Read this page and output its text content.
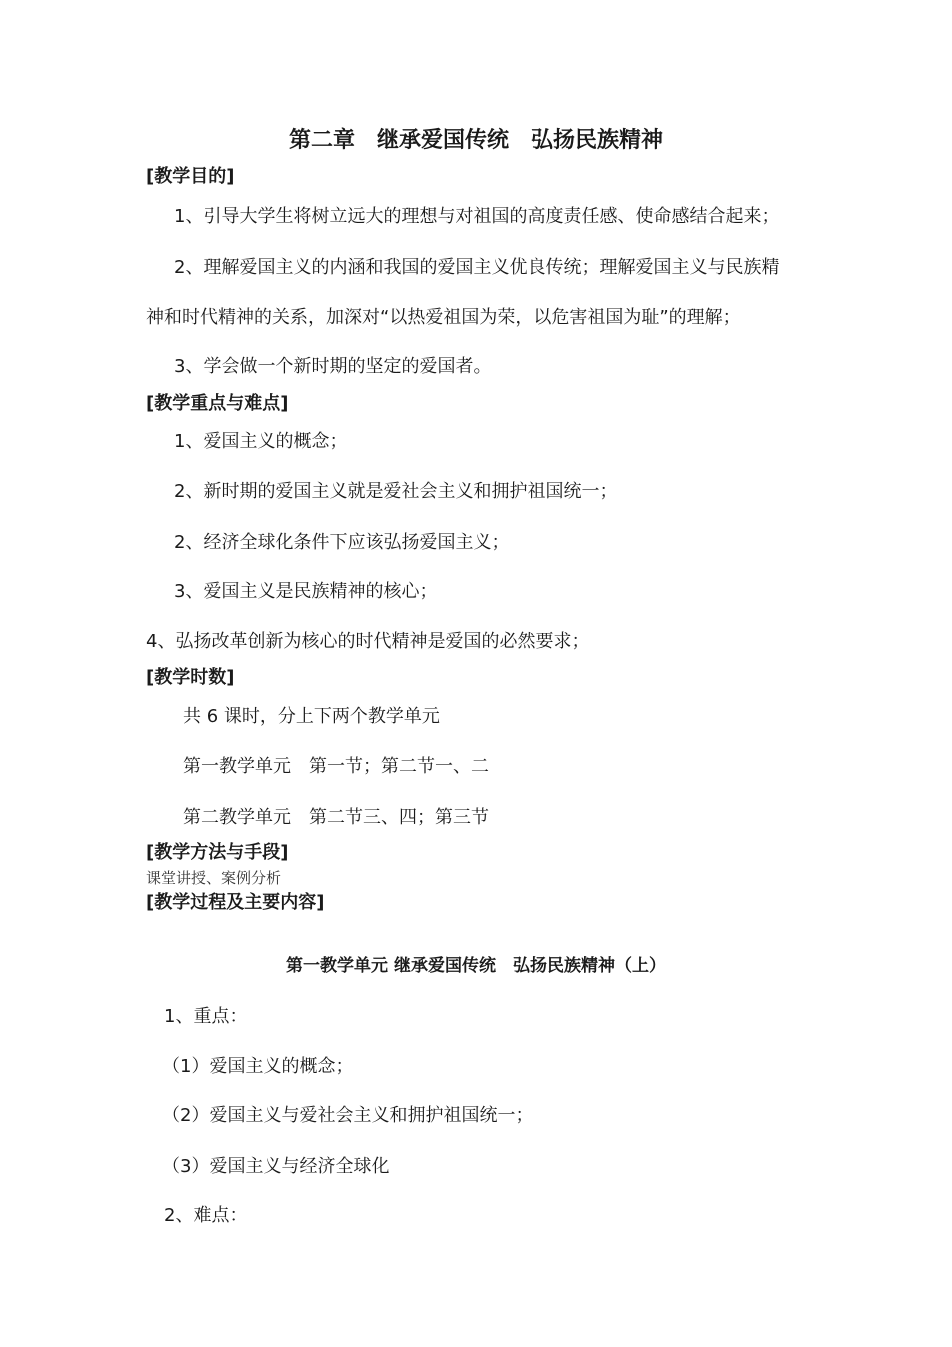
第二章　继承爱国传统　弘扬民族精神
[教学目的]
1、引导大学生将树立远大的理想与对祖国的高度责任感、使命感结合起来；
2、理解爱国主义的内涵和我国的爱国主义优良传统；理解爱国主义与民族精
神和时代精神的关系，加深对“以热爱祖国为荣，以危害祖国为耻”的理解；
3、学会做一个新时期的坚定的爱国者。
[教学重点与难点]
1、爱国主义的概念；
2、新时期的爱国主义就是爱社会主义和拥护祖国统一；
2、经济全球化条件下应该弘扬爱国主义；
3、爱国主义是民族精神的核心；
4、弘扬改革创新为核心的时代精神是爱国的必然要求；
[教学时数]
共 6 课时，分上下两个教学单元
第一教学单元　第一节；第二节一、二
第二教学单元　第二节三、四；第三节
[教学方法与手段]
课堂讲授、案例分析
[教学过程及主要内容]
第一教学单元 继承爱国传统　弘扬民族精神（上）
1、重点：
（1）爱国主义的概念；
（2）爱国主义与爱社会主义和拥护祖国统一；
（3）爱国主义与经济全球化
2、难点：
